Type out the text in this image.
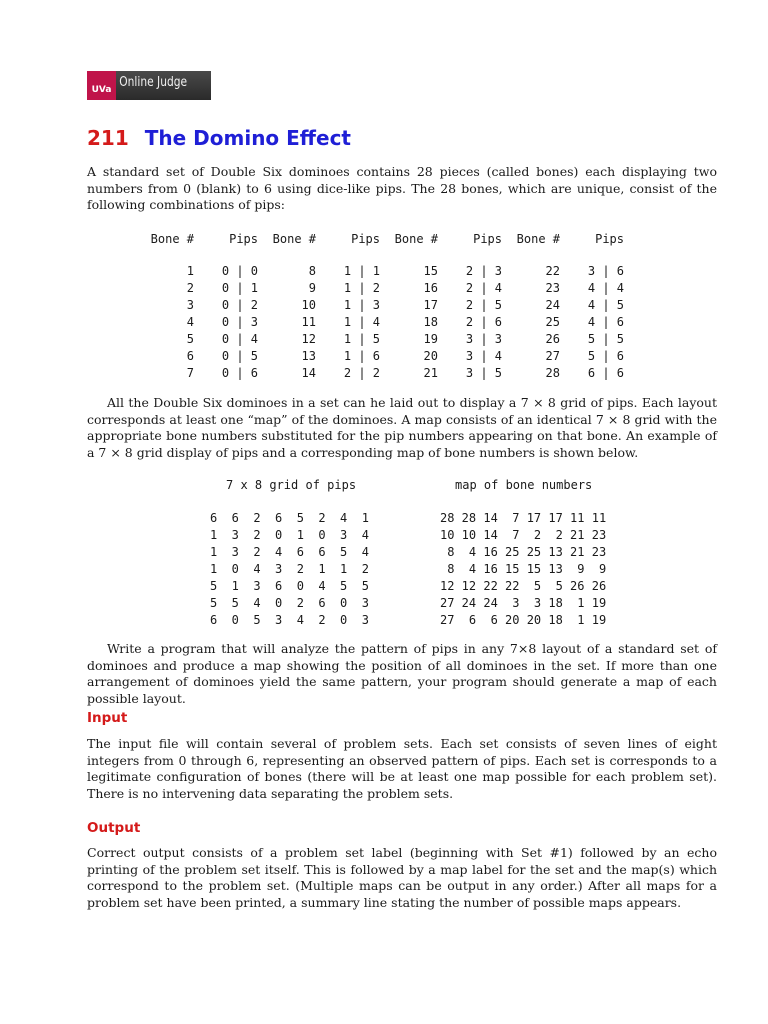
UVa Online Judge
211 The Domino Effect

A standard set of Double Six dominoes contains 28 pieces (called bones) each displaying two numbers from 0 (blank) to 6 using dice-like pips. The 28 bones, which are unique, consist of the following combinations of pips:

Bone #	Pips	Bone #	Pips	Bone #	Pips	Bone #	Pips
1	0 | 0	8	1 | 1	15	2 | 3	22	3 | 6
2	0 | 1	9	1 | 2	16	2 | 4	23	4 | 4
3	0 | 2	10	1 | 3	17	2 | 5	24	4 | 5
4	0 | 3	11	1 | 4	18	2 | 6	25	4 | 6
5	0 | 4	12	1 | 5	19	3 | 3	26	5 | 5
6	0 | 5	13	1 | 6	20	3 | 4	27	5 | 6
7	0 | 6	14	2 | 2	21	3 | 5	28	6 | 6

All the Double Six dominoes in a set can he laid out to display a 7 × 8 grid of pips. Each layout corresponds at least one “map” of the dominoes. A map consists of an identical 7 × 8 grid with the appropriate bone numbers substituted for the pip numbers appearing on that bone. An example of a 7 × 8 grid display of pips and a corresponding map of bone numbers is shown below.

7 x 8 grid of pips	map of bone numbers
6  6  2  6  5  2  4  1
1  3  2  0  1  0  3  4
1  3  2  4  6  6  5  4
1  0  4  3  2  1  1  2
5  1  3  6  0  4  5  5
5  5  4  0  2  6  0  3
6  0  5  3  4  2  0  3
28 28 14  7 17 17 11 11
10 10 14  7  2  2 21 23
8  4 16 25 25 13 21 23
8  4 16 15 15 13  9  9
12 12 22 22  5  5 26 26
27 24 24  3  3 18  1 19
27  6  6 20 20 18  1 19

Write a program that will analyze the pattern of pips in any 7×8 layout of a standard set of dominoes and produce a map showing the position of all dominoes in the set. If more than one arrangement of dominoes yield the same pattern, your program should generate a map of each possible layout.

Input

The input file will contain several of problem sets. Each set consists of seven lines of eight integers from 0 through 6, representing an observed pattern of pips. Each set is corresponds to a legitimate configuration of bones (there will be at least one map possible for each problem set). There is no intervening data separating the problem sets.

Output

Correct output consists of a problem set label (beginning with Set #1) followed by an echo printing of the problem set itself. This is followed by a map label for the set and the map(s) which correspond to the problem set. (Multiple maps can be output in any order.) After all maps for a problem set have been printed, a summary line stating the number of possible maps appears.
